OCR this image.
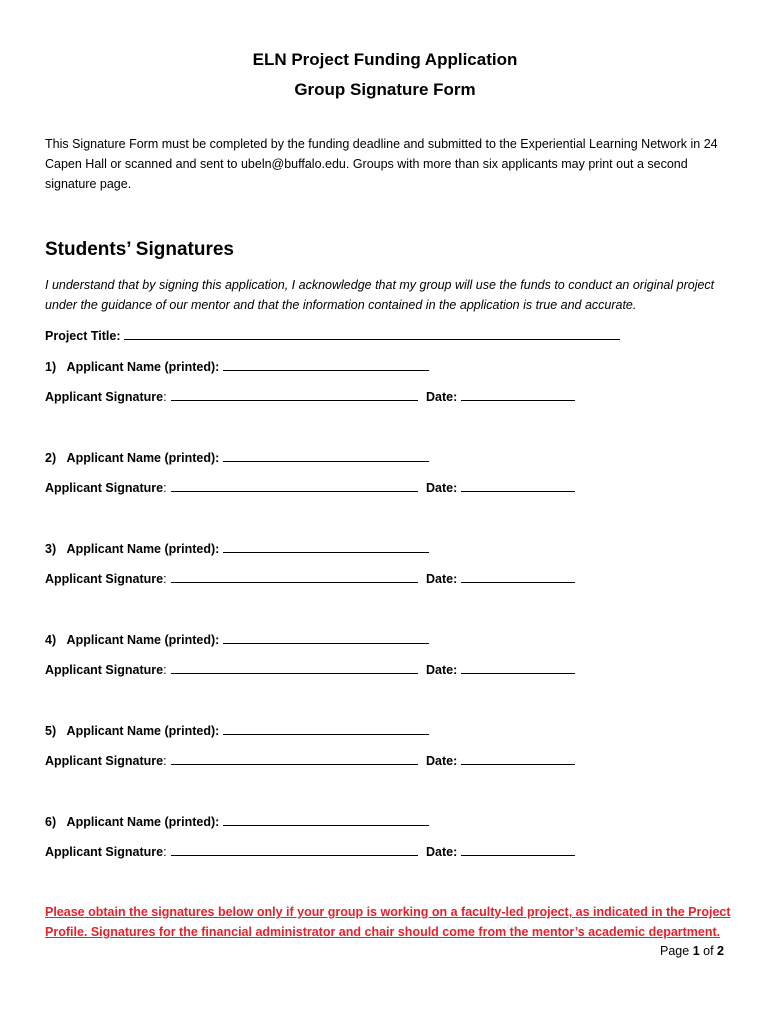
ELN Project Funding Application
Group Signature Form
This Signature Form must be completed by the funding deadline and submitted to the Experiential Learning Network in 24 Capen Hall or scanned and sent to ubeln@buffalo.edu. Groups with more than six applicants may print out a second signature page.
Students’ Signatures
I understand that by signing this application, I acknowledge that my group will use the funds to conduct an original project under the guidance of our mentor and that the information contained in the application is true and accurate.
Project Title:
1) Applicant Name (printed):
Applicant Signature:	Date:
2) Applicant Name (printed):
Applicant Signature:	Date:
3) Applicant Name (printed):
Applicant Signature:	Date:
4) Applicant Name (printed):
Applicant Signature:	Date:
5) Applicant Name (printed):
Applicant Signature:	Date:
6) Applicant Name (printed):
Applicant Signature:	Date:
Please obtain the signatures below only if your group is working on a faculty-led project, as indicated in the Project Profile. Signatures for the financial administrator and chair should come from the mentor’s academic department.
Page 1 of 2
